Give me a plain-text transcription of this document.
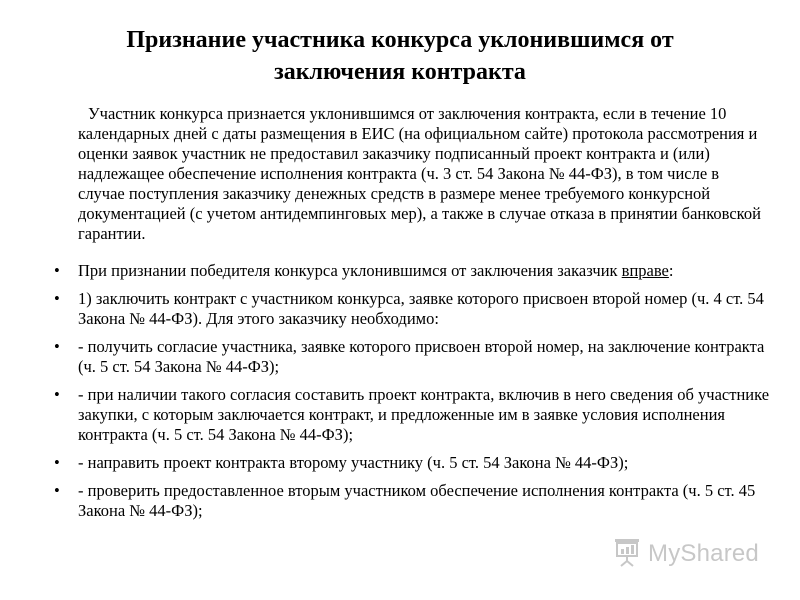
Признание участника конкурса уклонившимся от
заключения контракта

Участник конкурса признается уклонившимся от заключения контракта, если в течение 10 календарных дней с даты размещения в ЕИС (на официальном сайте) протокола рассмотрения и оценки заявок участник не предоставил заказчику подписанный проект контракта и (или) надлежащее обеспечение исполнения контракта (ч. 3 ст. 54 Закона № 44-ФЗ), в том числе в случае поступления заказчику денежных средств в размере менее требуемого конкурсной документацией (с учетом антидемпинговых мер), а также в случае отказа в принятии банковской гарантии.

• При признании победителя конкурса уклонившимся от заключения заказчик вправе:
• 1) заключить контракт с участником конкурса, заявке которого присвоен второй номер (ч. 4 ст. 54 Закона № 44-ФЗ). Для этого заказчику необходимо:
• - получить согласие участника, заявке которого присвоен второй номер, на заключение контракта (ч. 5 ст. 54 Закона № 44-ФЗ);
• - при наличии такого согласия составить проект контракта, включив в него сведения об участнике закупки, с которым заключается контракт, и предложенные им в заявке условия исполнения контракта (ч. 5 ст. 54 Закона № 44-ФЗ);
• - направить проект контракта второму участнику (ч. 5 ст. 54 Закона № 44-ФЗ);
• - проверить предоставленное вторым участником обеспечение исполнения контракта (ч. 5 ст. 45 Закона № 44-ФЗ);
MyShared
